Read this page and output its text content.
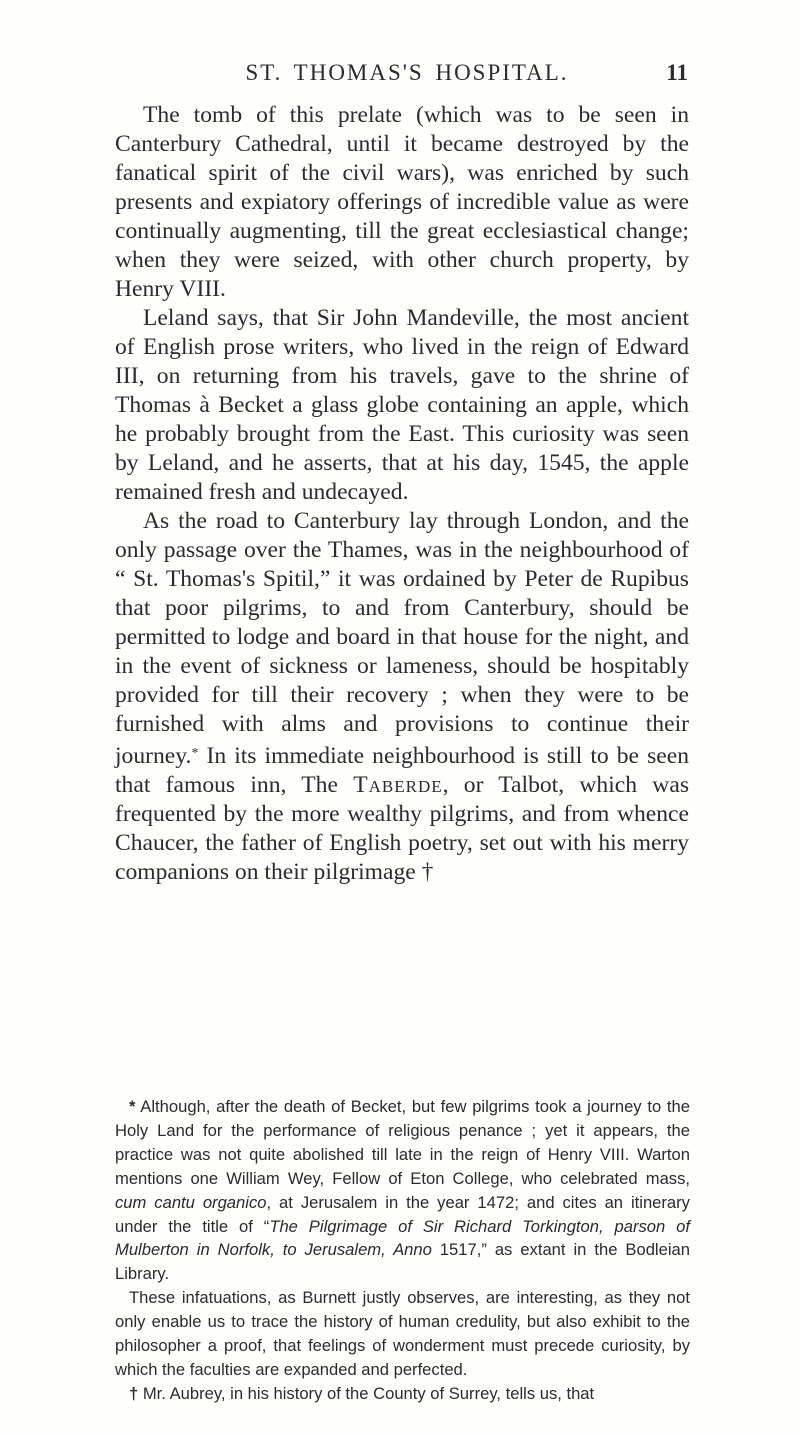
ST. THOMAS'S HOSPITAL.	11

The tomb of this prelate (which was to be seen in Canterbury Cathedral, until it became destroyed by the fanatical spirit of the civil wars), was enriched by such presents and expiatory offerings of incredible value as were continually augmenting, till the great ecclesiastical change; when they were seized, with other church property, by Henry VIII.

Leland says, that Sir John Mandeville, the most ancient of English prose writers, who lived in the reign of Edward III, on returning from his travels, gave to the shrine of Thomas à Becket a glass globe containing an apple, which he probably brought from the East. This curiosity was seen by Leland, and he asserts, that at his day, 1545, the apple remained fresh and undecayed.

As the road to Canterbury lay through London, and the only passage over the Thames, was in the neighbourhood of “ St. Thomas's Spitil,” it was ordained by Peter de Rupibus that poor pilgrims, to and from Canterbury, should be permitted to lodge and board in that house for the night, and in the event of sickness or lameness, should be hospitably provided for till their recovery ; when they were to be furnished with alms and provisions to continue their journey.* In its immediate neighbourhood is still to be seen that famous inn, The Taberde, or Talbot, which was frequented by the more wealthy pilgrims, and from whence Chaucer, the father of English poetry, set out with his merry companions on their pilgrimage †

* Although, after the death of Becket, but few pilgrims took a journey to the Holy Land for the performance of religious penance ; yet it appears, the practice was not quite abolished till late in the reign of Henry VIII. Warton mentions one William Wey, Fellow of Eton College, who celebrated mass, cum cantu organico, at Jerusalem in the year 1472; and cites an itinerary under the title of “The Pilgrimage of Sir Richard Torkington, parson of Mulberton in Norfolk, to Jerusalem, Anno 1517,” as extant in the Bodleian Library.

These infatuations, as Burnett justly observes, are interesting, as they not only enable us to trace the history of human credulity, but also exhibit to the philosopher a proof, that feelings of wonderment must precede curiosity, by which the faculties are expanded and perfected.

† Mr. Aubrey, in his history of the County of Surrey, tells us, that
